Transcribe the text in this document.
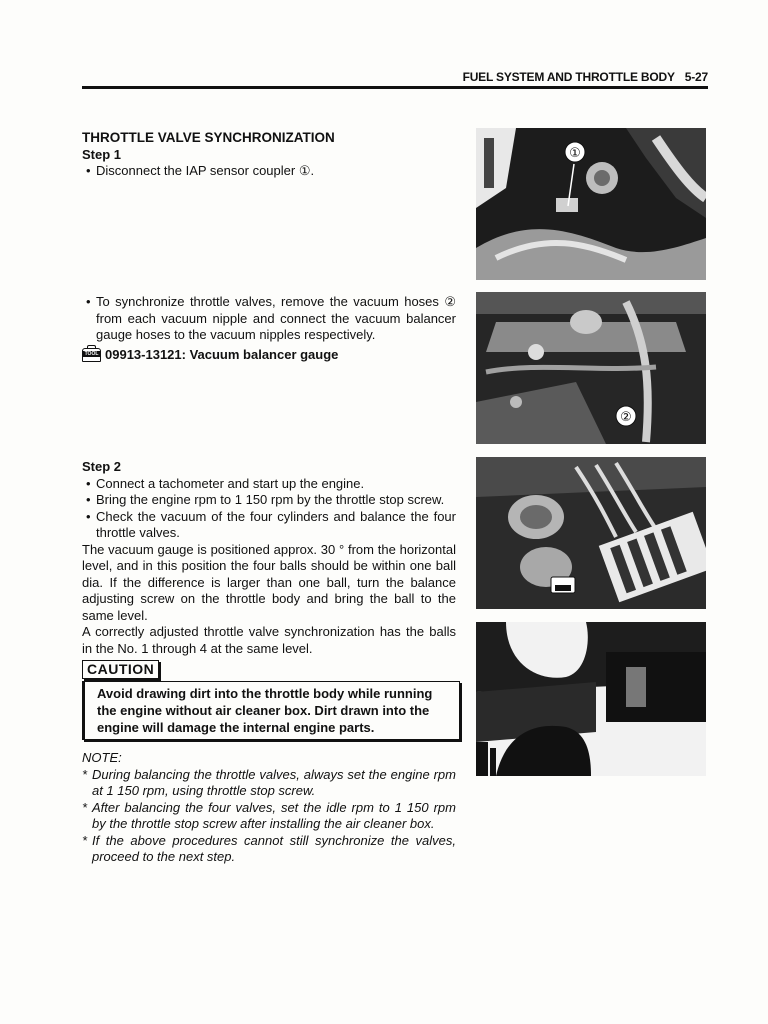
FUEL SYSTEM AND THROTTLE BODY 5-27
THROTTLE VALVE SYNCHRONIZATION
Step 1
• Disconnect the IAP sensor coupler ①.
• To synchronize throttle valves, remove the vacuum hoses ② from each vacuum nipple and connect the vacuum balancer gauge hoses to the vacuum nipples respectively.
TOOL
09913-13121: Vacuum balancer gauge
Step 2
• Connect a tachometer and start up the engine.
• Bring the engine rpm to 1 150 rpm by the throttle stop screw.
• Check the vacuum of the four cylinders and balance the four throttle valves.
The vacuum gauge is positioned approx. 30 ° from the horizontal level, and in this position the four balls should be within one ball dia. If the difference is larger than one ball, turn the balance adjusting screw on the throttle body and bring the ball to the same level.
A correctly adjusted throttle valve synchronization has the balls in the No. 1 through 4 at the same level.
CAUTION
Avoid drawing dirt into the throttle body while running the engine without air cleaner box. Dirt drawn into the engine will damage the internal engine parts.
NOTE:
* During balancing the throttle valves, always set the engine rpm at 1 150 rpm, using throttle stop screw.
* After balancing the four valves, set the idle rpm to 1 150 rpm by the throttle stop screw after installing the air cleaner box.
* If the above procedures cannot still synchronize the valves, proceed to the next step.
①
②
